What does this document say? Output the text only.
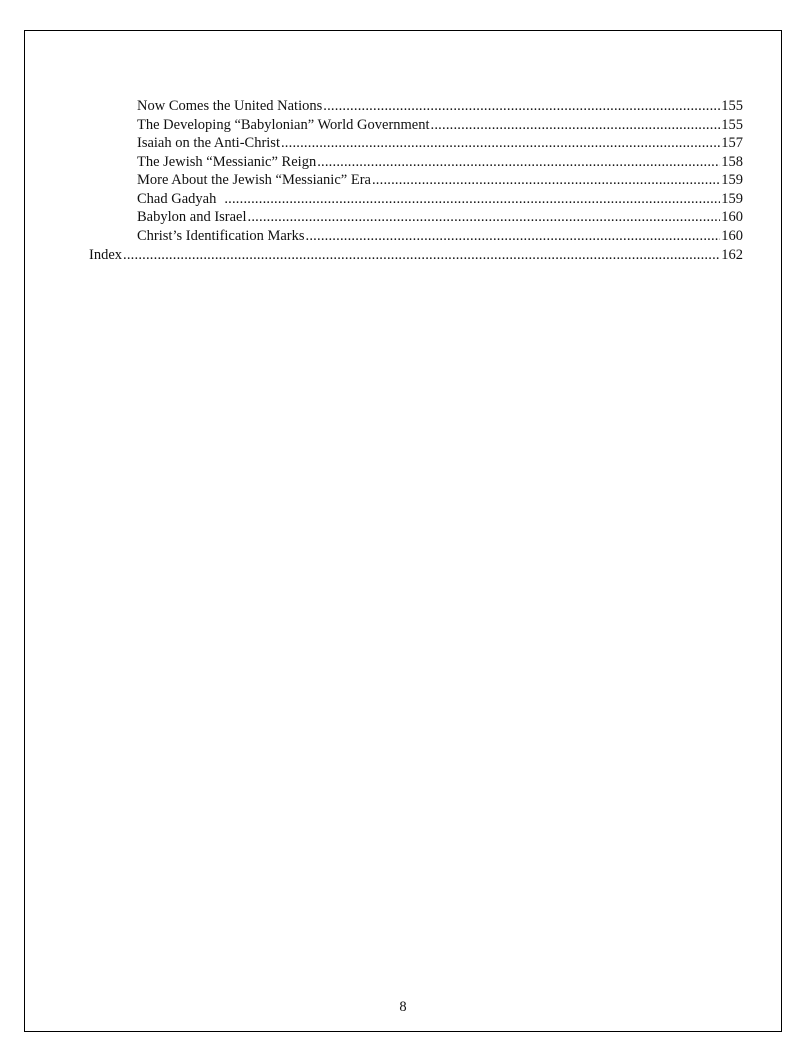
Now Comes the United Nations .....	155
The Developing “Babylonian” World Government .....	155
Isaiah on the Anti-Christ .....	157
The Jewish “Messianic” Reign .....	158
More About the Jewish “Messianic” Era .....	159
Chad Gadyah .....	159
Babylon and Israel .....	160
Christ’s Identification Marks .....	160
Index .....	162
8
